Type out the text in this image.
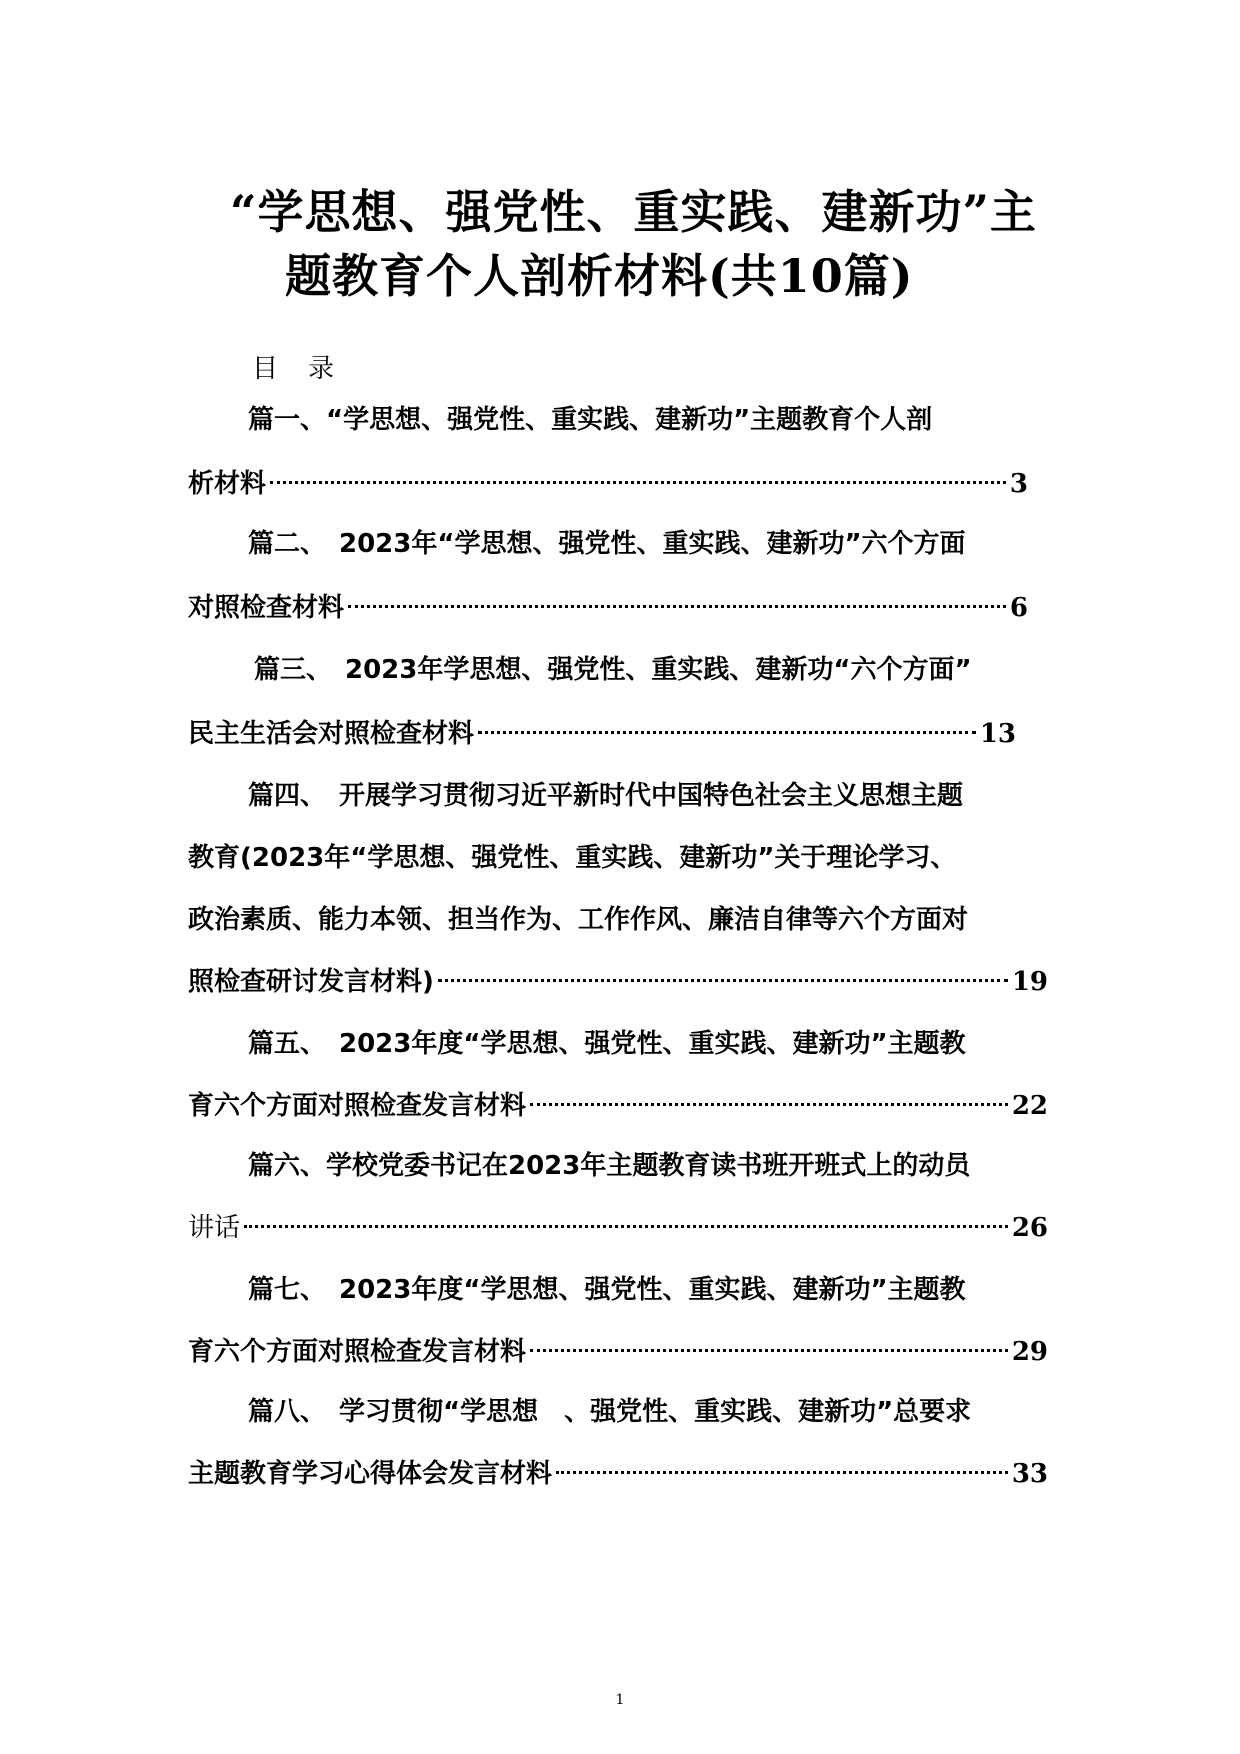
“学思想、强党性、重实践、建新功”主
题教育个人剖析材料(共10篇)
目录
篇一、“学思想、强党性、重实践、建新功”主题教育个人剖
析材料	3
篇二、　2023年“学思想、强党性、重实践、建新功”六个方面
对照检查材料	6
篇三、　2023年学思想、强党性、重实践、建新功“六个方面”
民主生活会对照检查材料	13
篇四、　开展学习贯彻习近平新时代中国特色社会主义思想主题
教育(2023年“学思想、强党性、重实践、建新功”关于理论学习、
政治素质、能力本领、担当作为、工作作风、廉洁自律等六个方面对
照检查研讨发言材料)	19
篇五、　2023年度“学思想、强党性、重实践、建新功”主题教
育六个方面对照检查发言材料	22
篇六、学校党委书记在2023年主题教育读书班开班式上的动员
讲话	26
篇七、　2023年度“学思想、强党性、重实践、建新功”主题教
育六个方面对照检查发言材料	29
篇八、　学习贯彻“学思想　、强党性、重实践、建新功”总要求
主题教育学习心得体会发言材料	33
1
